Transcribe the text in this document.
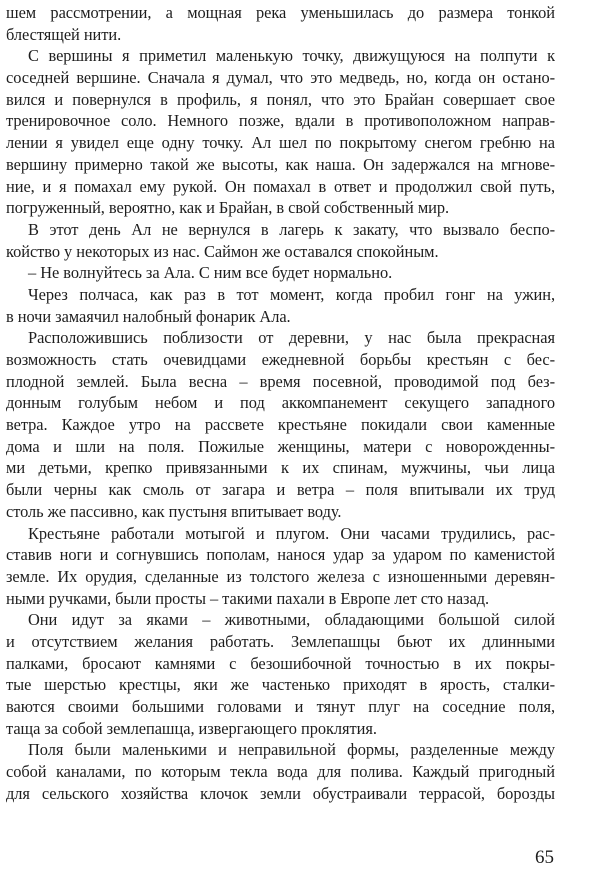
шем рассмотрении, а мощная река уменьшилась до размера тонкой
блестящей нити.
С вершины я приметил маленькую точку, движущуюся на полпути к
соседней вершине. Сначала я думал, что это медведь, но, когда он остано-
вился и повернулся в профиль, я понял, что это Брайан совершает свое
тренировочное соло. Немного позже, вдали в противоположном направ-
лении я увидел еще одну точку. Ал шел по покрытому снегом гребню на
вершину примерно такой же высоты, как наша. Он задержался на мгнове-
ние, и я помахал ему рукой. Он помахал в ответ и продолжил свой путь,
погруженный, вероятно, как и Брайан, в свой собственный мир.
В этот день Ал не вернулся в лагерь к закату, что вызвало беспо-
койство у некоторых из нас. Саймон же оставался спокойным.
– Не волнуйтесь за Ала. С ним все будет нормально.
Через полчаса, как раз в тот момент, когда пробил гонг на ужин,
в ночи замаячил налобный фонарик Ала.
Расположившись поблизости от деревни, у нас была прекрасная
возможность стать очевидцами ежедневной борьбы крестьян с бес-
плодной землей. Была весна – время посевной, проводимой под без-
донным голубым небом и под аккомпанемент секущего западного
ветра. Каждое утро на рассвете крестьяне покидали свои каменные
дома и шли на поля. Пожилые женщины, матери с новорожденны-
ми детьми, крепко привязанными к их спинам, мужчины, чьи лица
были черны как смоль от загара и ветра – поля впитывали их труд
столь же пассивно, как пустыня впитывает воду.
Крестьяне работали мотыгой и плугом. Они часами трудились, рас-
ставив ноги и согнувшись пополам, нанося удар за ударом по каменистой
земле. Их орудия, сделанные из толстого железа с изношенными деревян-
ными ручками, были просты – такими пахали в Европе лет сто назад.
Они идут за яками – животными, обладающими большой силой
и отсутствием желания работать. Землепашцы бьют их длинными
палками, бросают камнями с безошибочной точностью в их покры-
тые шерстью крестцы, яки же частенько приходят в ярость, сталки-
ваются своими большими головами и тянут плуг на соседние поля,
таща за собой землепашца, извергающего проклятия.
Поля были маленькими и неправильной формы, разделенные между
собой каналами, по которым текла вода для полива. Каждый пригодный
для сельского хозяйства клочок земли обустраивали террасой, борозды
65
